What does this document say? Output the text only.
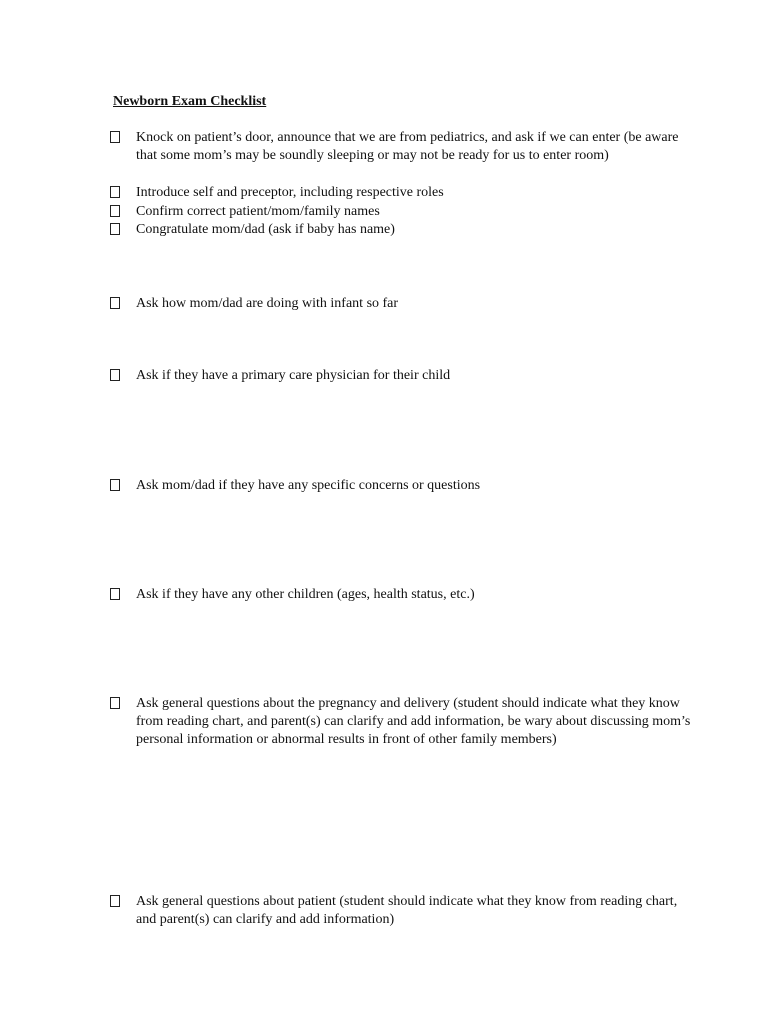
Newborn Exam Checklist
Knock on patient’s door, announce that we are from pediatrics, and ask if we can enter (be aware that some mom’s may be soundly sleeping or may not be ready for us to enter room)
Introduce self and preceptor, including respective roles
Confirm correct patient/mom/family names
Congratulate mom/dad (ask if baby has name)
Ask how mom/dad are doing with infant so far
Ask if they have a primary care physician for their child
Ask mom/dad if they have any specific concerns or questions
Ask if they have any other children (ages, health status, etc.)
Ask general questions about the pregnancy and delivery (student should indicate what they know from reading chart, and parent(s) can clarify and add information, be wary about discussing mom’s personal information or abnormal results in front of other family members)
Ask general questions about patient (student should indicate what they know from reading chart, and parent(s) can clarify and add information)
